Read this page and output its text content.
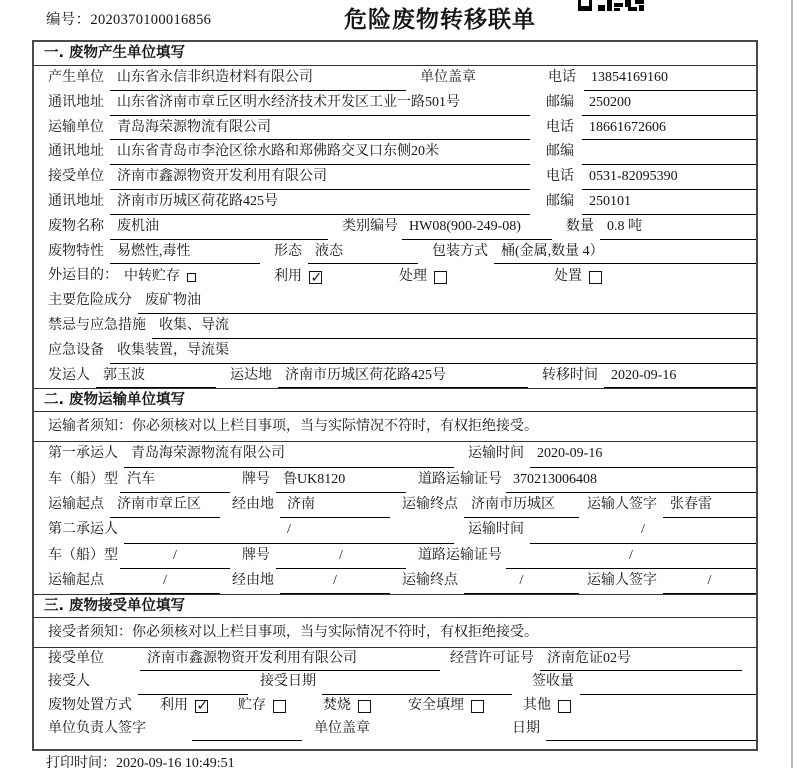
编号：2020370100016856	危险废物转移联单
一. 废物产生单位填写
产生单位 山东省永信非织造材料有限公司	单位盖章	电话	13854169160
通讯地址 山东省济南市章丘区明水经济技术开发区工业一路501号	邮编	250200
运输单位 青岛海荣源物流有限公司	电话	18661672606
通讯地址 山东省青岛市李沧区徐水路和郑佛路交叉口东侧20米	邮编
接受单位 济南市鑫源物资开发利用有限公司	电话	0531-82095390
通讯地址 济南市历城区荷花路425号	邮编	250101
废物名称 废机油	类别编号 HW08(900-249-08)	数量 0.8 吨
废物特性 易燃性,毒性	形态 液态	包装方式 桶(金属,数量 4）
外运目的： 中转贮存	利用 ✓	处理	处置
主要危险成分 废矿物油
禁忌与应急措施 收集、导流
应急设备 收集装置，导流渠
发运人 郭玉波	运达地 济南市历城区荷花路425号	转移时间 2020-09-16
二. 废物运输单位填写
运输者须知：你必须核对以上栏目事项，当与实际情况不符时，有权拒绝接受。
第一承运人 青岛海荣源物流有限公司	运输时间 2020-09-16
车（船）型 汽车	牌号 鲁UK8120	道路运输证号 370213006408
运输起点 济南市章丘区	经由地 济南	运输终点 济南市历城区	运输人签字 张春雷
第二承运人	/	运输时间	/
车（船）型	/	牌号	/	道路运输证号	/
运输起点	/	经由地	/	运输终点	/	运输人签字	/
三. 废物接受单位填写
接受者须知：你必须核对以上栏目事项，当与实际情况不符时，有权拒绝接受。
接受单位	济南市鑫源物资开发利用有限公司	经营许可证号 济南危证02号
接受人	接受日期	签收量
废物处置方式	利用 ✓	贮存	焚烧	安全填埋	其他
单位负责人签字	单位盖章	日期
打印时间：2020-09-16 10:49:51
